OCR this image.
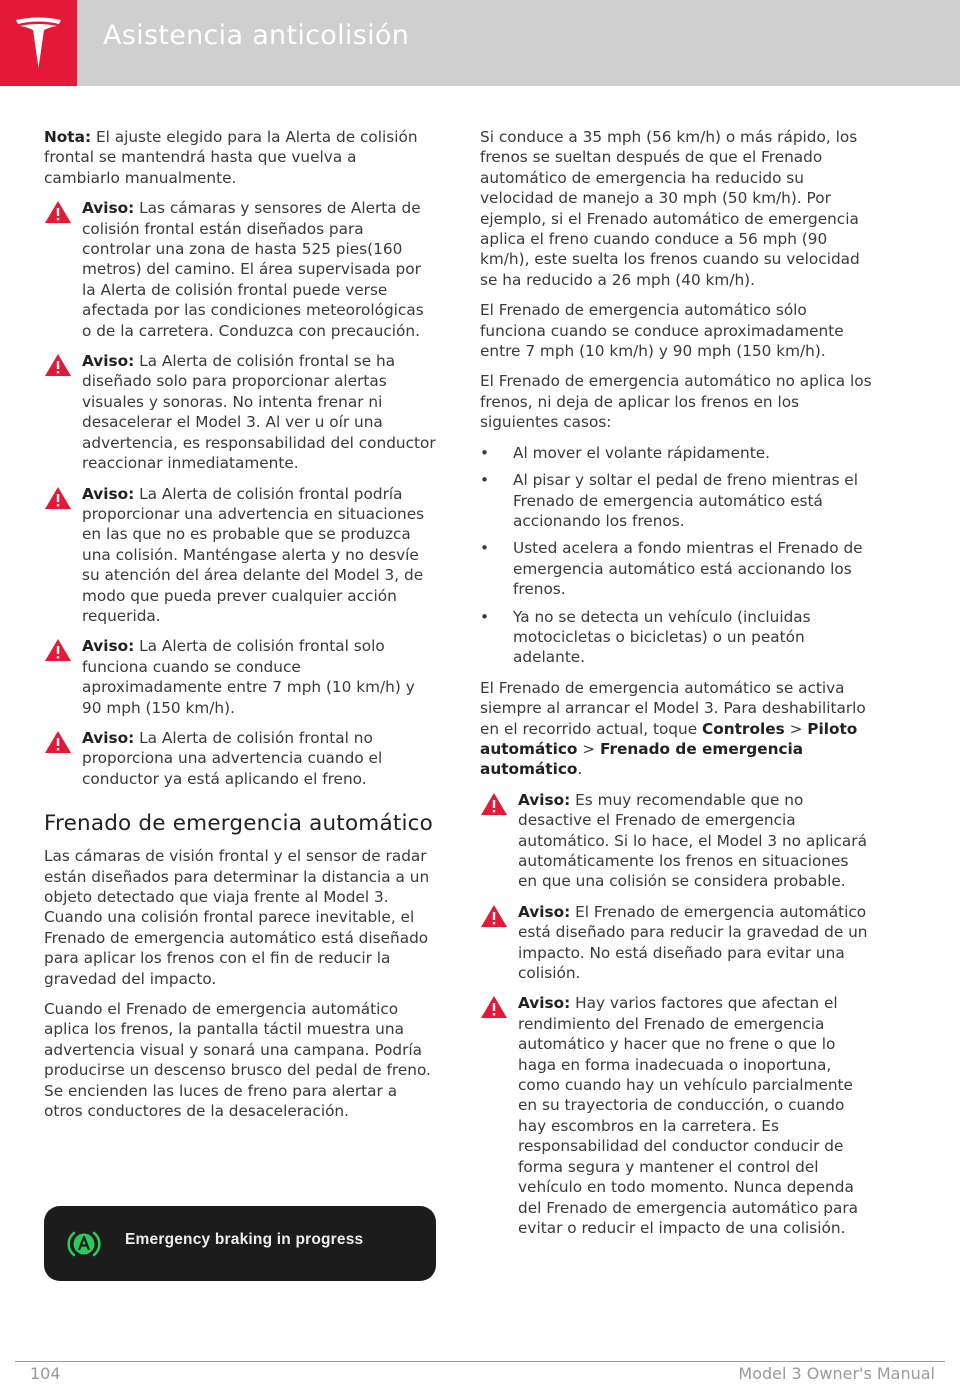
Asistencia anticolisión

Nota: El ajuste elegido para la Alerta de colisión frontal se mantendrá hasta que vuelva a cambiarlo manualmente.

Aviso: Las cámaras y sensores de Alerta de colisión frontal están diseñados para controlar una zona de hasta 525 pies(160 metros) del camino. El área supervisada por la Alerta de colisión frontal puede verse afectada por las condiciones meteorológicas o de la carretera. Conduzca con precaución.
Aviso: La Alerta de colisión frontal se ha diseñado solo para proporcionar alertas visuales y sonoras. No intenta frenar ni desacelerar el Model 3. Al ver u oír una advertencia, es responsabilidad del conductor reaccionar inmediatamente.
Aviso: La Alerta de colisión frontal podría proporcionar una advertencia en situaciones en las que no es probable que se produzca una colisión. Manténgase alerta y no desvíe su atención del área delante del Model 3, de modo que pueda prever cualquier acción requerida.
Aviso: La Alerta de colisión frontal solo funciona cuando se conduce aproximadamente entre 7 mph (10 km/h) y 90 mph (150 km/h).
Aviso: La Alerta de colisión frontal no proporciona una advertencia cuando el conductor ya está aplicando el freno.
Frenado de emergencia automático

Las cámaras de visión frontal y el sensor de radar están diseñados para determinar la distancia a un objeto detectado que viaja frente al Model 3. Cuando una colisión frontal parece inevitable, el Frenado de emergencia automático está diseñado para aplicar los frenos con el fin de reducir la gravedad del impacto.

Cuando el Frenado de emergencia automático aplica los frenos, la pantalla táctil muestra una advertencia visual y sonará una campana. Podría producirse un descenso brusco del pedal de freno. Se encienden las luces de freno para alertar a otros conductores de la desaceleración.

Emergency braking in progress

Si conduce a 35 mph (56 km/h) o más rápido, los frenos se sueltan después de que el Frenado automático de emergencia ha reducido su velocidad de manejo a 30 mph (50 km/h). Por ejemplo, si el Frenado automático de emergencia aplica el freno cuando conduce a 56 mph (90 km/h), este suelta los frenos cuando su velocidad se ha reducido a 26 mph (40 km/h).

El Frenado de emergencia automático sólo funciona cuando se conduce aproximadamente entre 7 mph (10 km/h) y 90 mph (150 km/h).

El Frenado de emergencia automático no aplica los frenos, ni deja de aplicar los frenos en los siguientes casos:

• Al mover el volante rápidamente.
• Al pisar y soltar el pedal de freno mientras el Frenado de emergencia automático está accionando los frenos.
• Usted acelera a fondo mientras el Frenado de emergencia automático está accionando los frenos.
• Ya no se detecta un vehículo (incluidas motocicletas o bicicletas) o un peatón adelante.

El Frenado de emergencia automático se activa siempre al arrancar el Model 3. Para deshabilitarlo en el recorrido actual, toque Controles > Piloto automático > Frenado de emergencia automático.

Aviso: Es muy recomendable que no desactive el Frenado de emergencia automático. Si lo hace, el Model 3 no aplicará automáticamente los frenos en situaciones en que una colisión se considera probable.
Aviso: El Frenado de emergencia automático está diseñado para reducir la gravedad de un impacto. No está diseñado para evitar una colisión.
Aviso: Hay varios factores que afectan el rendimiento del Frenado de emergencia automático y hacer que no frene o que lo haga en forma inadecuada o inoportuna, como cuando hay un vehículo parcialmente en su trayectoria de conducción, o cuando hay escombros en la carretera. Es responsabilidad del conductor conducir de forma segura y mantener el control del vehículo en todo momento. Nunca dependa del Frenado de emergencia automático para evitar o reducir el impacto de una colisión.
104	Model 3 Owner's Manual
